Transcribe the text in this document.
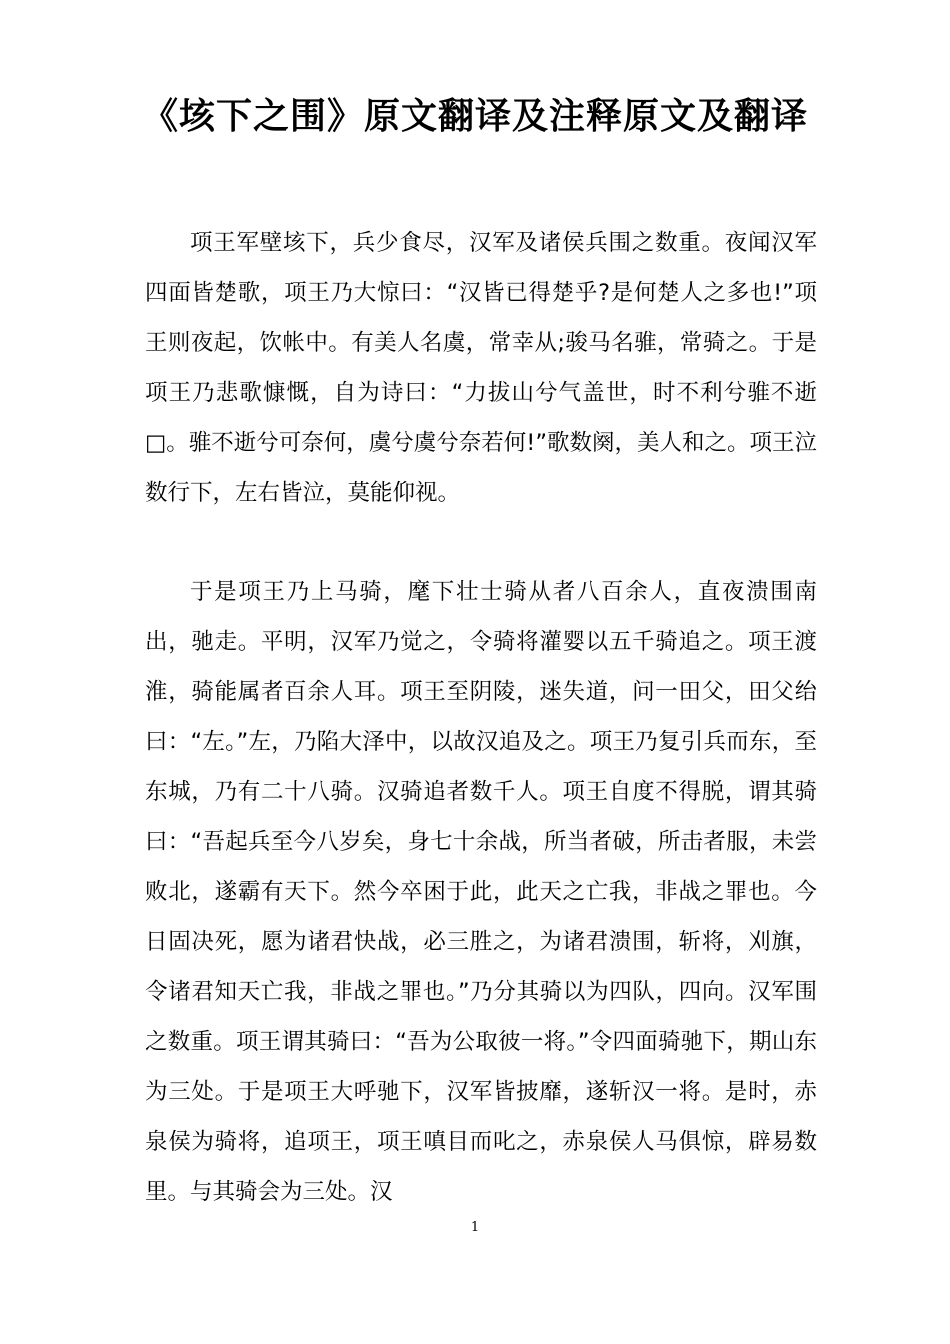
《垓下之围》原文翻译及注释原文及翻译

项王军壁垓下，兵少食尽，汉军及诸侯兵围之数重。夜闻汉军四面皆楚歌，项王乃大惊曰：“汉皆已得楚乎?是何楚人之多也!”项王则夜起，饮帐中。有美人名虞，常幸从;骏马名骓，常骑之。于是项王乃悲歌慷慨，自为诗曰：“力拔山兮气盖世，时不利兮骓不逝□。骓不逝兮可奈何，虞兮虞兮奈若何!”歌数阕，美人和之。项王泣数行下，左右皆泣，莫能仰视。

于是项王乃上马骑，麾下壮士骑从者八百余人，直夜溃围南出，驰走。平明，汉军乃觉之，令骑将灌婴以五千骑追之。项王渡淮，骑能属者百余人耳。项王至阴陵，迷失道，问一田父，田父绐曰：“左。”左，乃陷大泽中，以故汉追及之。项王乃复引兵而东，至东城，乃有二十八骑。汉骑追者数千人。项王自度不得脱，谓其骑曰：“吾起兵至今八岁矣，身七十余战，所当者破，所击者服，未尝败北，遂霸有天下。然今卒困于此，此天之亡我，非战之罪也。今日固决死，愿为诸君快战，必三胜之，为诸君溃围，斩将，刈旗，令诸君知天亡我，非战之罪也。”乃分其骑以为四队，四向。汉军围之数重。项王谓其骑曰：“吾为公取彼一将。”令四面骑驰下，期山东为三处。于是项王大呼驰下，汉军皆披靡，遂斩汉一将。是时，赤泉侯为骑将，追项王，项王嗔目而叱之，赤泉侯人马俱惊，辟易数里。与其骑会为三处。汉

1
